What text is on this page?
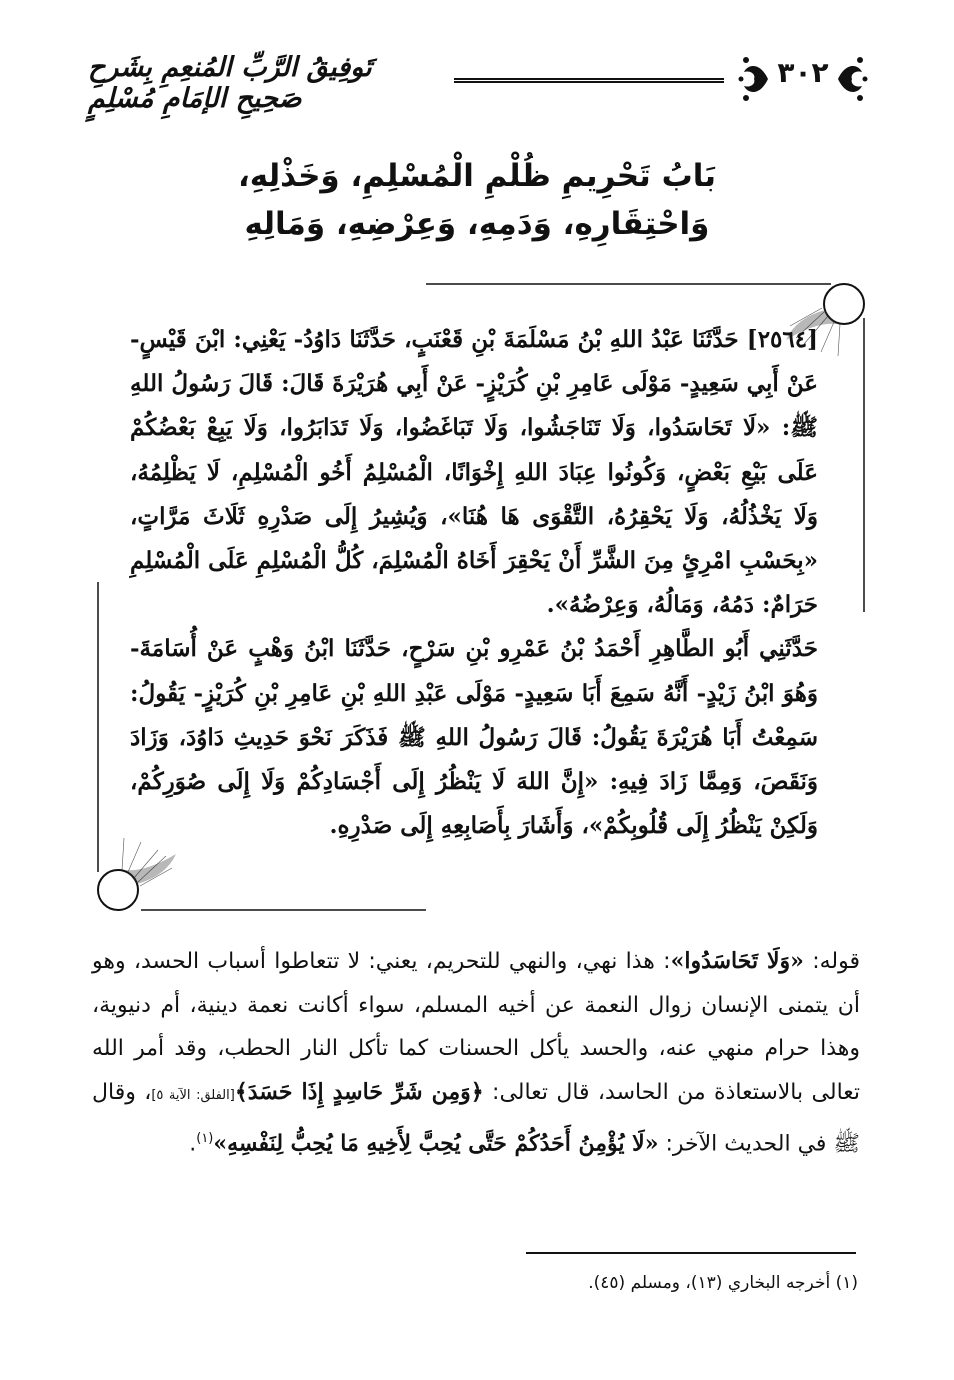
تَوفِيقُ الرَّبِّ المُنعِمِ بِشَرحِ صَحِيحِ الإمَامِ مُسْلِمٍ
٣٠٢
بَابُ تَحْرِيمِ ظُلْمِ الْمُسْلِمِ، وَخَذْلِهِ،
وَاحْتِقَارِهِ، وَدَمِهِ، وَعِرْضِهِ، وَمَالِهِ

[٢٥٦٤] حَدَّثَنَا عَبْدُ اللهِ بْنُ مَسْلَمَةَ بْنِ قَعْنَبٍ، حَدَّثَنَا دَاوُدُ- يَعْنِي: ابْنَ قَيْسٍ- عَنْ أَبِي سَعِيدٍ- مَوْلَى عَامِرِ بْنِ كُرَيْزٍ- عَنْ أَبِي هُرَيْرَةَ قَالَ: قَالَ رَسُولُ اللهِ ﷺ: «لَا تَحَاسَدُوا، وَلَا تَنَاجَشُوا، وَلَا تَبَاغَضُوا، وَلَا تَدَابَرُوا، وَلَا يَبِعْ بَعْضُكُمْ عَلَى بَيْعِ بَعْضٍ، وَكُونُوا عِبَادَ اللهِ إِخْوَانًا، الْمُسْلِمُ أَخُو الْمُسْلِمِ، لَا يَظْلِمُهُ، وَلَا يَخْذُلُهُ، وَلَا يَحْقِرُهُ، التَّقْوَى هَا هُنَا»، وَيُشِيرُ إِلَى صَدْرِهِ ثَلَاثَ مَرَّاتٍ، «بِحَسْبِ امْرِئٍ مِنَ الشَّرِّ أَنْ يَحْقِرَ أَخَاهُ الْمُسْلِمَ، كُلُّ الْمُسْلِمِ عَلَى الْمُسْلِمِ حَرَامٌ: دَمُهُ، وَمَالُهُ، وَعِرْضُهُ».

حَدَّثَنِي أَبُو الطَّاهِرِ أَحْمَدُ بْنُ عَمْرِو بْنِ سَرْحٍ، حَدَّثَنَا ابْنُ وَهْبٍ عَنْ أُسَامَةَ- وَهُوَ ابْنُ زَيْدٍ- أَنَّهُ سَمِعَ أَبَا سَعِيدٍ- مَوْلَى عَبْدِ اللهِ بْنِ عَامِرِ بْنِ كُرَيْزٍ- يَقُولُ: سَمِعْتُ أَبَا هُرَيْرَةَ يَقُولُ: قَالَ رَسُولُ اللهِ ﷺ فَذَكَرَ نَحْوَ حَدِيثِ دَاوُدَ، وَزَادَ وَنَقَصَ، وَمِمَّا زَادَ فِيهِ: «إِنَّ اللهَ لَا يَنْظُرُ إِلَى أَجْسَادِكُمْ وَلَا إِلَى صُوَرِكُمْ، وَلَكِنْ يَنْظُرُ إِلَى قُلُوبِكُمْ»، وَأَشَارَ بِأَصَابِعِهِ إِلَى صَدْرِهِ.

قوله: «وَلَا تَحَاسَدُوا»: هذا نهي، والنهي للتحريم، يعني: لا تتعاطوا أسباب الحسد، وهو أن يتمنى الإنسان زوال النعمة عن أخيه المسلم، سواء أكانت نعمة دينية، أم دنيوية، وهذا حرام منهي عنه، والحسد يأكل الحسنات كما تأكل النار الحطب، وقد أمر الله تعالى بالاستعاذة من الحاسد، قال تعالى: ﴿وَمِن شَرِّ حَاسِدٍ إِذَا حَسَدَ﴾[الفلق: الآية ٥]، وقال ﷺ في الحديث الآخر: «لَا يُؤْمِنُ أَحَدُكُمْ حَتَّى يُحِبَّ لِأَخِيهِ مَا يُحِبُّ لِنَفْسِهِ»$^{(١)}$.
(١) أخرجه البخاري (١٣)، ومسلم (٤٥).
